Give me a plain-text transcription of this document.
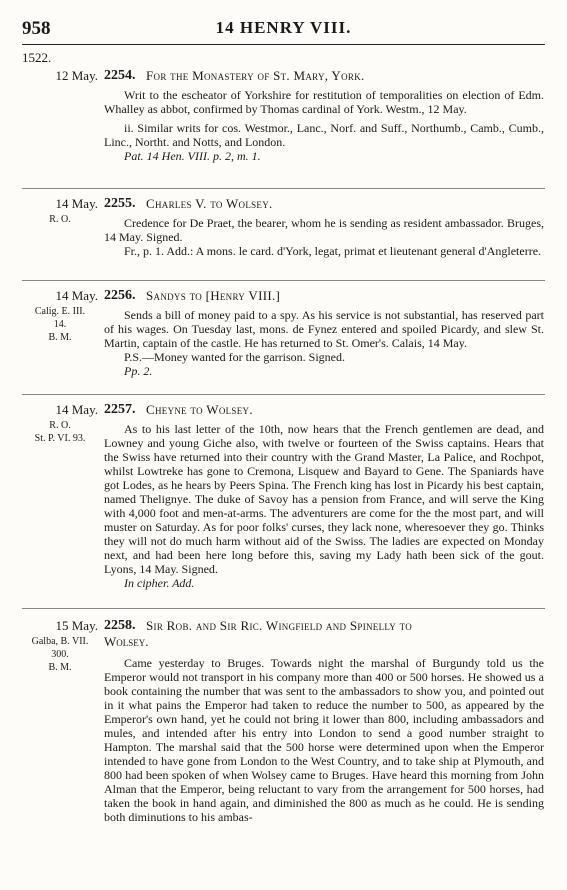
958	14 HENRY VIII.
1522.
12 May. 2254. For the Monastery of St. Mary, York.

Writ to the escheator of Yorkshire for restitution of temporalities on election of Edm. Whalley as abbot, confirmed by Thomas cardinal of York. Westm., 12 May.

ii. Similar writs for cos. Westmor., Lanc., Norf. and Suff., Northumb., Camb., Cumb., Linc., Northt. and Notts, and London.

Pat. 14 Hen. VIII. p. 2, m. 1.

14 May.
R. O.
2255. Charles V. to Wolsey.

Credence for De Praet, the bearer, whom he is sending as resident ambassador. Bruges, 14 May. Signed.

Fr., p. 1. Add.: A mons. le card. d'York, legat, primat et lieutenant general d'Angleterre.

14 May.
Calig. E. III.
14.
B. M.
2256. Sandys to [Henry VIII.]

Sends a bill of money paid to a spy. As his service is not substantial, has reserved part of his wages. On Tuesday last, mons. de Fynez entered and spoiled Picardy, and slew St. Martin, captain of the castle. He has returned to St. Omer's. Calais, 14 May.

P.S.—Money wanted for the garrison. Signed.

Pp. 2.

14 May.
R. O.
St. P. VI. 93.
2257. Cheyne to Wolsey.

As to his last letter of the 10th, now hears that the French gentlemen are dead, and Lowney and young Giche also, with twelve or fourteen of the Swiss captains. Hears that the Swiss have returned into their country with the Grand Master, La Palice, and Rochpot, whilst Lowtreke has gone to Cremona, Lisquew and Bayard to Gene. The Spaniards have got Lodes, as he hears by Peers Spina. The French king has lost in Picardy his best captain, named Thelignye. The duke of Savoy has a pension from France, and will serve the King with 4,000 foot and men-at-arms. The adventurers are come for the the most part, and will muster on Saturday. As for poor folks' curses, they lack none, wheresoever they go. Thinks they will not do much harm without aid of the Swiss. The ladies are expected on Monday next, and had been here long before this, saving my Lady hath been sick of the gout. Lyons, 14 May. Signed.

In cipher. Add.

15 May.
Galba, B. VII.
300.
B. M.
2258. Sir Rob. and Sir Ric. Wingfield and Spinelly to
Wolsey.

Came yesterday to Bruges. Towards night the marshal of Burgundy told us the Emperor would not transport in his company more than 400 or 500 horses. He showed us a book containing the number that was sent to the ambassadors to show you, and pointed out in it what pains the Emperor had taken to reduce the number to 500, as appeared by the Emperor's own hand, yet he could not bring it lower than 800, including ambassadors and mules, and intended after his entry into London to send a good number straight to Hampton. The marshal said that the 500 horse were determined upon when the Emperor intended to have gone from London to the West Country, and to take ship at Plymouth, and 800 had been spoken of when Wolsey came to Bruges. Have heard this morning from John Alman that the Emperor, being reluctant to vary from the arrangement for 500 horses, had taken the book in hand again, and diminished the 800 as much as he could. He is sending both diminutions to his ambas-
